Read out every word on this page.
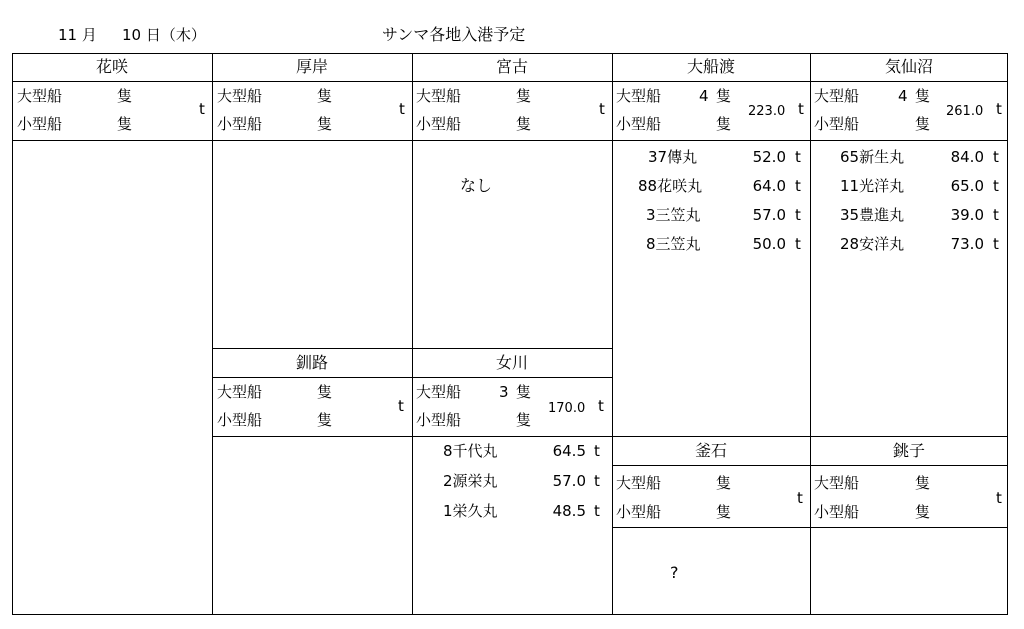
11 月 10 日（木）	サンマ各地入港予定
花咲
大型船	隻
小型船	隻
t
厚岸
大型船	隻
小型船	隻
t
宮古
大型船	隻
小型船	隻
t
なし
大船渡
大型船	4 隻
小型船	隻
223.0 t
37傳丸	52.0 t
88花咲丸	64.0 t
3三笠丸	57.0 t
8三笠丸	50.0 t
気仙沼
大型船	4 隻
小型船	隻
261.0 t
65新生丸	84.0 t
11光洋丸	65.0 t
35豊進丸	39.0 t
28安洋丸	73.0 t
釧路
大型船	隻
小型船	隻
t
女川
大型船	3 隻
小型船	隻
170.0 t
8千代丸	64.5 t
2源栄丸	57.0 t
1栄久丸	48.5 t
釜石
大型船	隻
小型船	隻
t
?
銚子
大型船	隻
小型船	隻
t
